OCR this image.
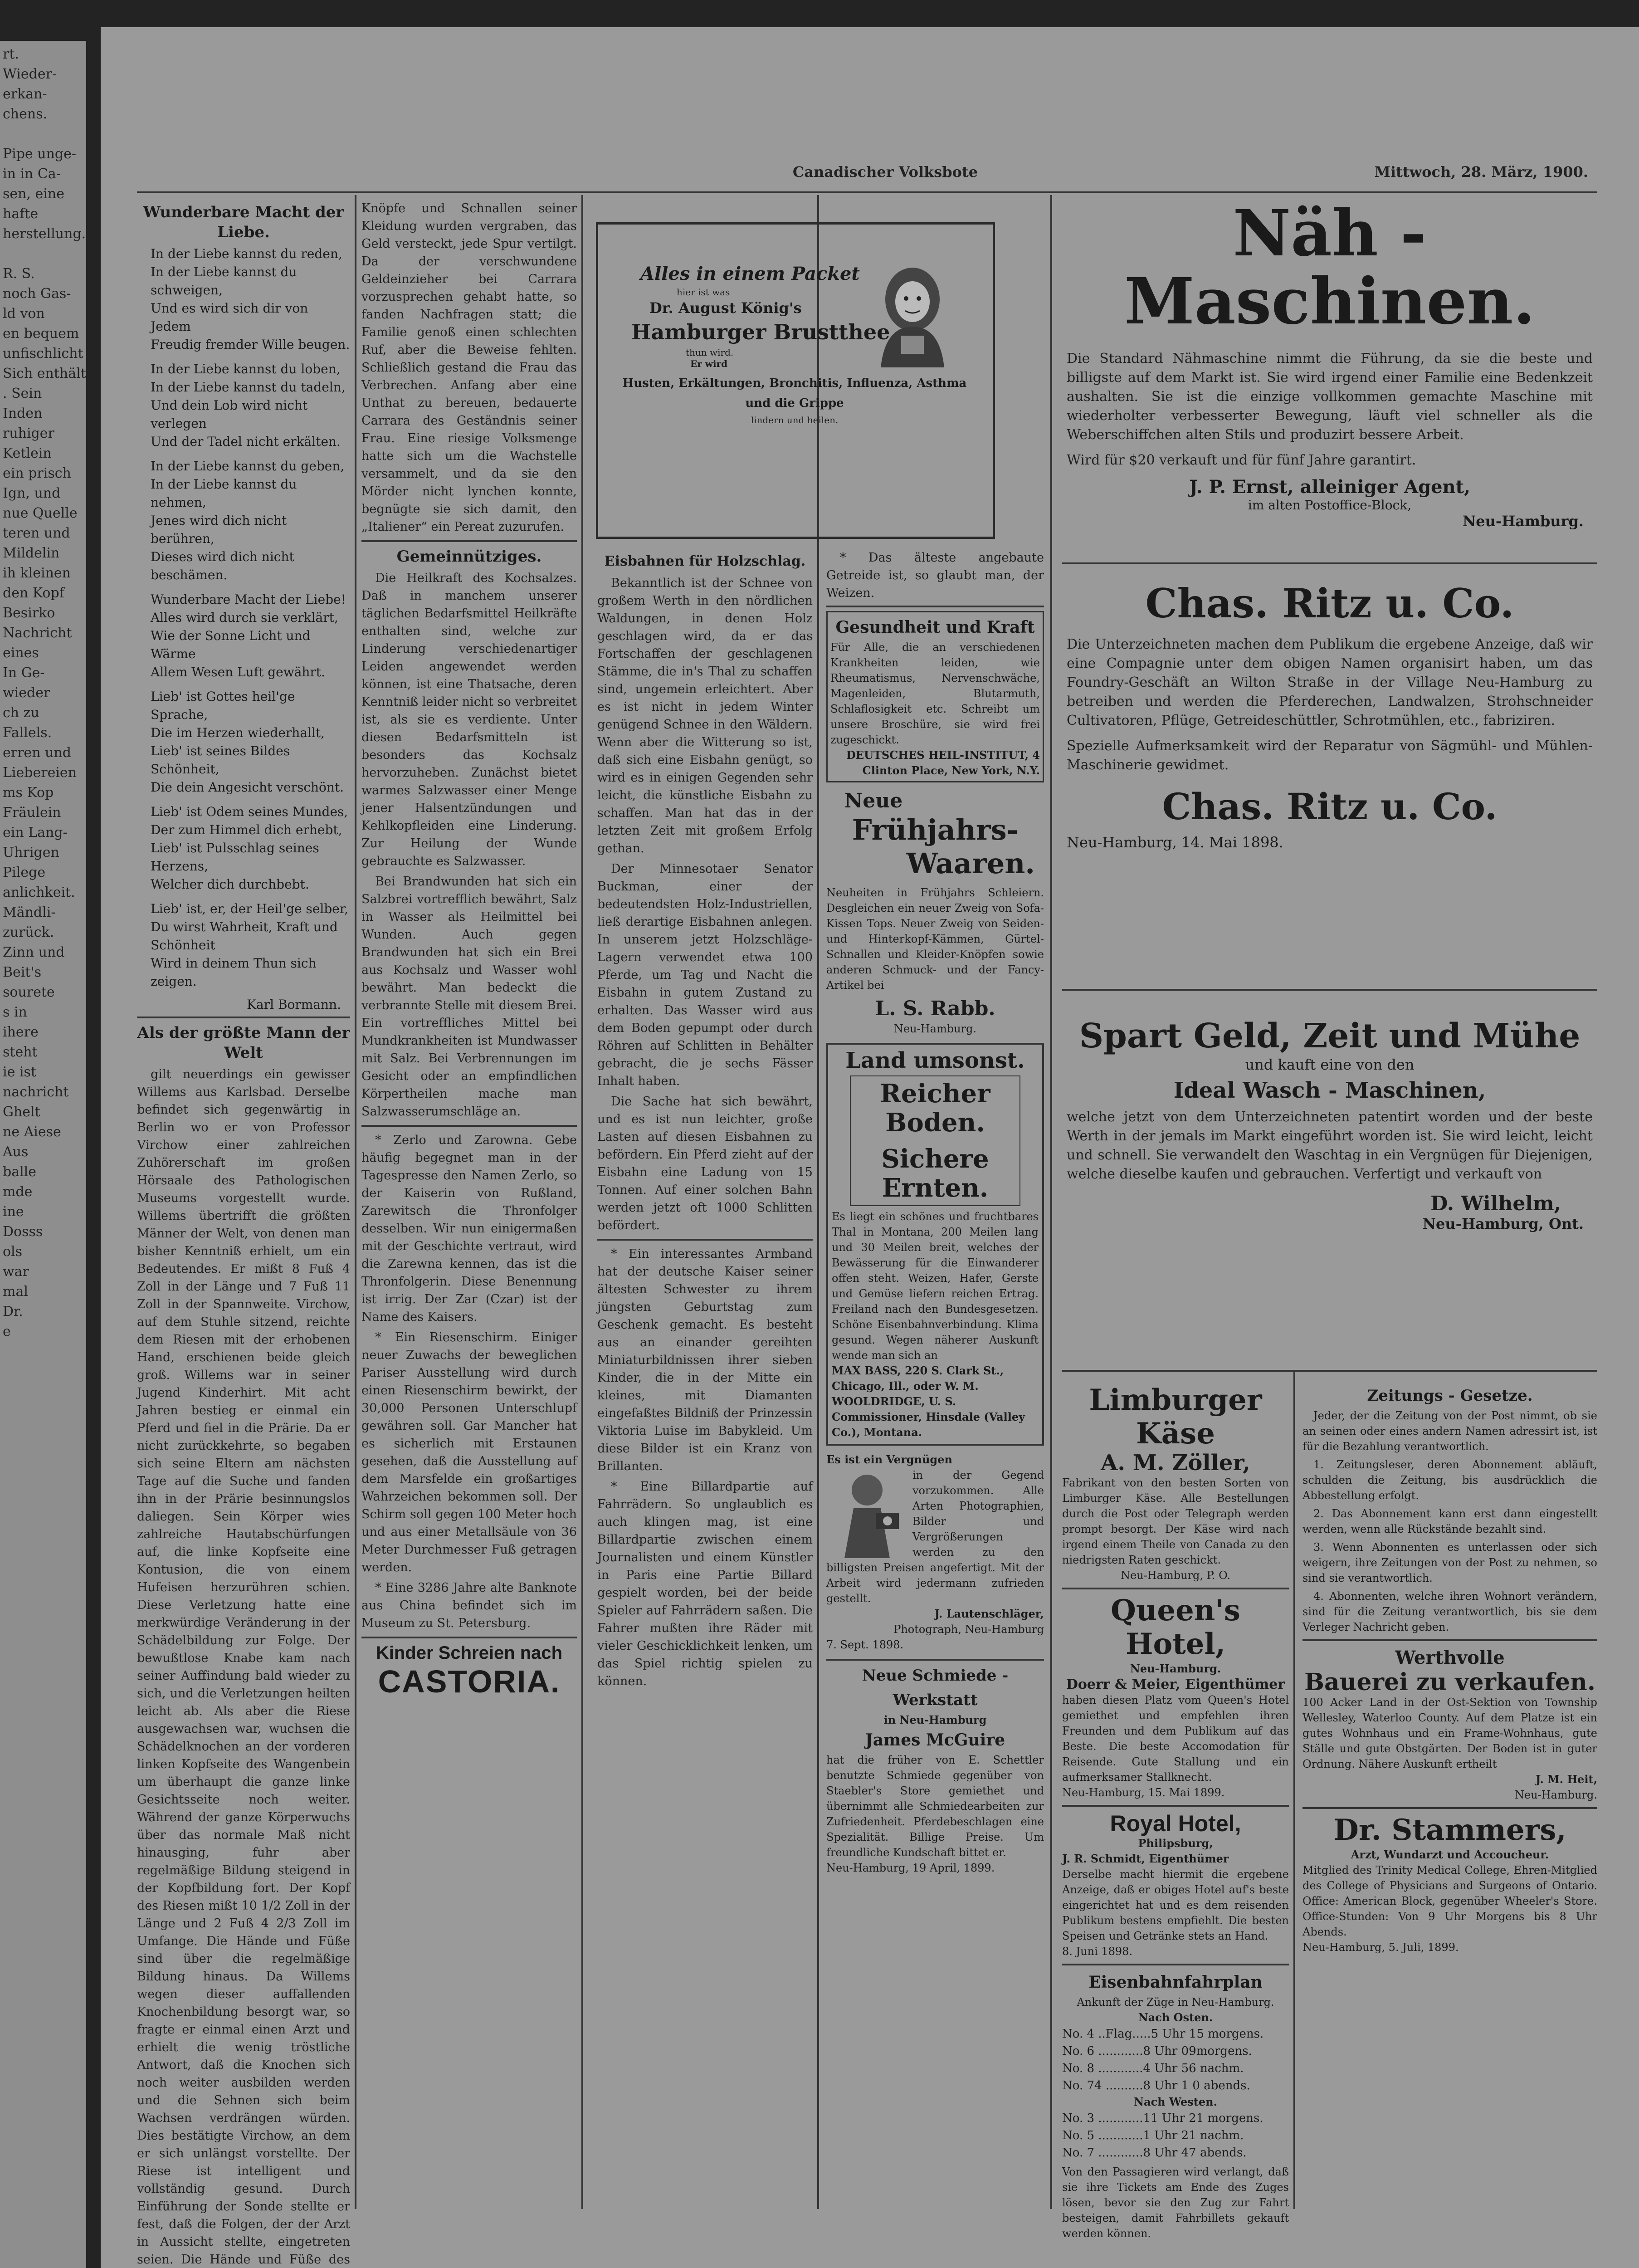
rt.
Wieder-
erkan-
chens.

Pipe unge-
in in Ca-
sen, eine
hafte
herstellung.

R. S.
noch Gas-
ld von
en bequem
unfischlicht
Sich enthält
. Sein
Inden
ruhiger
Ketlein
ein prisch
Ign, und
nue Quelle
teren und
Mildelin
ih kleinen
den Kopf
Besirko
Nachricht
eines
In Ge-
wieder
ch zu
Fallels.
erren und
Liebereien
ms Kop
Fräulein
ein Lang-
Uhrigen
Pilege
anlichkeit.
Mändli-
zurück.
Zinn und
Beit's
sourete
s in
ihere
steht
ie ist
nachricht
Ghelt
ne Aiese
Aus
balle
mde
ine
Dosss
ols
war
mal
Dr.
e
Canadischer Volksbote	Mittwoch, 28. März, 1900.
Wunderbare Macht der Liebe.
In der Liebe kannst du reden,
In der Liebe kannst du schweigen,
Und es wird sich dir von Jedem
Freudig fremder Wille beugen.
In der Liebe kannst du loben,
In der Liebe kannst du tadeln,
Und dein Lob wird nicht verlegen
Und der Tadel nicht erkälten.
In der Liebe kannst du geben,
In der Liebe kannst du nehmen,
Jenes wird dich nicht berühren,
Dieses wird dich nicht beschämen.
Wunderbare Macht der Liebe!
Alles wird durch sie verklärt,
Wie der Sonne Licht und Wärme
Allem Wesen Luft gewährt.
Lieb' ist Gottes heil'ge Sprache,
Die im Herzen wiederhallt,
Lieb' ist seines Bildes Schönheit,
Die dein Angesicht verschönt.
Lieb' ist Odem seines Mundes,
Der zum Himmel dich erhebt,
Lieb' ist Pulsschlag seines Herzens,
Welcher dich durchbebt.
Lieb' ist, er, der Heil'ge selber,
Du wirst Wahrheit, Kraft und Schönheit
Wird in deinem Thun sich zeigen.
Karl Bormann.
Als der größte Mann der Welt

gilt neuerdings ein gewisser Willems aus Karlsbad. Derselbe befindet sich gegenwärtig in Berlin wo er von Professor Virchow einer zahlreichen Zuhörerschaft im großen Hörsaale des Pathologischen Museums vorgestellt wurde. Willems übertrifft die größten Männer der Welt, von denen man bisher Kenntniß erhielt, um ein Bedeutendes. Er mißt 8 Fuß 4 Zoll in der Länge und 7 Fuß 11 Zoll in der Spannweite. Virchow, auf dem Stuhle sitzend, reichte dem Riesen mit der erhobenen Hand, erschienen beide gleich groß. Willems war in seiner Jugend Kinderhirt. Mit acht Jahren bestieg er einmal ein Pferd und fiel in die Prärie. Da er nicht zurückkehrte, so begaben sich seine Eltern am nächsten Tage auf die Suche und fanden ihn in der Prärie besinnungslos daliegen. Sein Körper wies zahlreiche Hautabschürfungen auf, die linke Kopfseite eine Kontusion, die von einem Hufeisen herzurühren schien. Diese Verletzung hatte eine merkwürdige Veränderung in der Schädelbildung zur Folge. Der bewußtlose Knabe kam nach seiner Auffindung bald wieder zu sich, und die Verletzungen heilten leicht ab. Als aber die Riese ausgewachsen war, wuchsen die Schädelknochen an der vorderen linken Kopfseite des Wangenbein um überhaupt die ganze linke Gesichtsseite noch weiter. Während der ganze Körperwuchs über das normale Maß nicht hinausging, fuhr aber regelmäßige Bildung steigend in der Kopfbildung fort. Der Kopf des Riesen mißt 10 1/2 Zoll in der Länge und 2 Fuß 4 2/3 Zoll im Umfange. Die Hände und Füße sind über die regelmäßige Bildung hinaus. Da Willems wegen dieser auffallenden Knochenbildung besorgt war, so fragte er einmal einen Arzt und erhielt die wenig tröstliche Antwort, daß die Knochen sich noch weiter ausbilden werden und die Sehnen sich beim Wachsen verdrängen würden. Dies bestätigte Virchow, an dem er sich unlängst vorstellte. Der Riese ist intelligent und vollständig gesund. Durch Einführung der Sonde stellte er fest, daß die Folgen, der der Arzt in Aussicht stellte, eingetreten seien. Die Hände und Füße des

Knöpfe und Schnallen seiner Kleidung wurden vergraben, das Geld versteckt, jede Spur vertilgt. Da der verschwundene Geldeinzieher bei Carrara vorzusprechen gehabt hatte, so fanden Nachfragen statt; die Familie genoß einen schlechten Ruf, aber die Beweise fehlten. Schließlich gestand die Frau das Verbrechen. Anfang aber eine Unthat zu bereuen, bedauerte Carrara des Geständnis seiner Frau. Eine riesige Volksmenge hatte sich um die Wachstelle versammelt, und da sie den Mörder nicht lynchen konnte, begnügte sie sich damit, den „Italiener“ ein Pereat zuzurufen.

Gemeinnütziges.

Die Heilkraft des Kochsalzes. Daß in manchem unserer täglichen Bedarfsmittel Heilkräfte enthalten sind, welche zur Linderung verschiedenartiger Leiden angewendet werden können, ist eine Thatsache, deren Kenntniß leider nicht so verbreitet ist, als sie es verdiente. Unter diesen Bedarfsmitteln ist besonders das Kochsalz hervorzuheben. Zunächst bietet warmes Salzwasser einer Menge jener Halsentzündungen und Kehlkopfleiden eine Linderung. Zur Heilung der Wunde gebrauchte es Salzwasser.

Bei Brandwunden hat sich ein Salzbrei vortrefflich bewährt, Salz in Wasser als Heilmittel bei Wunden. Auch gegen Brandwunden hat sich ein Brei aus Kochsalz und Wasser wohl bewährt. Man bedeckt die verbrannte Stelle mit diesem Brei. Ein vortreffliches Mittel bei Mundkrankheiten ist Mundwasser mit Salz. Bei Verbrennungen im Gesicht oder an empfindlichen Körpertheilen mache man Salzwasserumschläge an.

* Zerlo und Zarowna. Gebe häufig begegnet man in der Tagespresse den Namen Zerlo, so der Kaiserin von Rußland, Zarewitsch die Thronfolger desselben. Wir nun einigermaßen mit der Geschichte vertraut, wird die Zarewna kennen, das ist die Thronfolgerin. Diese Benennung ist irrig. Der Zar (Czar) ist der Name des Kaisers.

* Ein Riesenschirm. Einiger neuer Zuwachs der beweglichen Pariser Ausstellung wird durch einen Riesenschirm bewirkt, der 30,000 Personen Unterschlupf gewähren soll. Gar Mancher hat es sicherlich mit Erstaunen gesehen, daß die Ausstellung auf dem Marsfelde ein großartiges Wahrzeichen bekommen soll. Der Schirm soll gegen 100 Meter hoch und aus einer Metallsäule von 36 Meter Durchmesser Fuß getragen werden.

* Eine 3286 Jahre alte Banknote aus China befindet sich im Museum zu St. Petersburg.

Kinder Schreien nach
CASTORIA.
Alles in einem Packet
hier ist was
Dr. August König's
Hamburger Brustthee
thun wird.
Er wird
Husten, Erkältungen, Bronchitis, Influenza, Asthma
und die Grippe
lindern und heilen.
Eisbahnen für Holzschlag.

Bekanntlich ist der Schnee von großem Werth in den nördlichen Waldungen, in denen Holz geschlagen wird, da er das Fortschaffen der geschlagenen Stämme, die in's Thal zu schaffen sind, ungemein erleichtert. Aber es ist nicht in jedem Winter genügend Schnee in den Wäldern. Wenn aber die Witterung so ist, daß sich eine Eisbahn genügt, so wird es in einigen Gegenden sehr leicht, die künstliche Eisbahn zu schaffen. Man hat das in der letzten Zeit mit großem Erfolg gethan.

Der Minnesotaer Senator Buckman, einer der bedeutendsten Holz-Industriellen, ließ derartige Eisbahnen anlegen. In unserem jetzt Holzschläge-Lagern verwendet etwa 100 Pferde, um Tag und Nacht die Eisbahn in gutem Zustand zu erhalten. Das Wasser wird aus dem Boden gepumpt oder durch Röhren auf Schlitten in Behälter gebracht, die je sechs Fässer Inhalt haben.

Die Sache hat sich bewährt, und es ist nun leichter, große Lasten auf diesen Eisbahnen zu befördern. Ein Pferd zieht auf der Eisbahn eine Ladung von 15 Tonnen. Auf einer solchen Bahn werden jetzt oft 1000 Schlitten befördert.

* Ein interessantes Armband hat der deutsche Kaiser seiner ältesten Schwester zu ihrem jüngsten Geburtstag zum Geschenk gemacht. Es besteht aus an einander gereihten Miniaturbildnissen ihrer sieben Kinder, die in der Mitte ein kleines, mit Diamanten eingefaßtes Bildniß der Prinzessin Viktoria Luise im Babykleid. Um diese Bilder ist ein Kranz von Brillanten.

* Eine Billardpartie auf Fahrrädern. So unglaublich es auch klingen mag, ist eine Billardpartie zwischen einem Journalisten und einem Künstler in Paris eine Partie Billard gespielt worden, bei der beide Spieler auf Fahrrädern saßen. Die Fahrer mußten ihre Räder mit vieler Geschicklichkeit lenken, um das Spiel richtig spielen zu können.

* Das älteste angebaute Getreide ist, so glaubt man, der Weizen.

Gesundheit und Kraft
Für Alle, die an verschiedenen Krankheiten leiden, wie Rheumatismus, Nervenschwäche, Magenleiden, Blutarmuth, Schlaflosigkeit etc. Schreibt um unsere Broschüre, sie wird frei zugeschickt.
DEUTSCHES HEIL-INSTITUT, 4 Clinton Place, New York, N.Y.
Neue
Frühjahrs-
Waaren.
Neuheiten in Frühjahrs Schleiern. Desgleichen ein neuer Zweig von Sofa-Kissen Tops. Neuer Zweig von Seiden- und Hinterkopf-Kämmen, Gürtel-Schnallen und Kleider-Knöpfen sowie anderen Schmuck- und der Fancy-Artikel bei
L. S. Rabb.
Neu-Hamburg.
Land umsonst.
Reicher
Boden.
Sichere
Ernten.
Es liegt ein schönes und fruchtbares Thal in Montana, 200 Meilen lang und 30 Meilen breit, welches der Bewässerung für die Einwanderer offen steht. Weizen, Hafer, Gerste und Gemüse liefern reichen Ertrag. Freiland nach den Bundesgesetzen. Schöne Eisenbahnverbindung. Klima gesund. Wegen näherer Auskunft wende man sich an
MAX BASS, 220 S. Clark St., Chicago, Ill., oder W. M. WOOLDRIDGE, U. S. Commissioner, Hinsdale (Valley Co.), Montana.
Es ist ein Vergnügen
in der Gegend vorzukommen. Alle Arten Photographien, Bilder und Vergrößerungen werden zu den billigsten Preisen angefertigt. Mit der Arbeit wird jedermann zufrieden gestellt.
J. Lautenschläger,
Photograph, Neu-Hamburg
7. Sept. 1898.
Neue Schmiede - Werkstatt
in Neu-Hamburg
James McGuire
hat die früher von E. Schettler benutzte Schmiede gegenüber von Staebler's Store gemiethet und übernimmt alle Schmiedearbeiten zur Zufriedenheit. Pferdebeschlagen eine Spezialität. Billige Preise. Um freundliche Kundschaft bittet er.
Neu-Hamburg, 19 April, 1899.
Näh - Maschinen.
Die Standard Nähmaschine nimmt die Führung, da sie die beste und billigste auf dem Markt ist. Sie wird irgend einer Familie eine Bedenkzeit aushalten. Sie ist die einzige vollkommen gemachte Maschine mit wiederholter verbesserter Bewegung, läuft viel schneller als die Weberschiffchen alten Stils und produzirt bessere Arbeit.
Wird für $20 verkauft und für fünf Jahre garantirt.
J. P. Ernst, alleiniger Agent,
im alten Postoffice-Block,
Neu-Hamburg.
Chas. Ritz u. Co.
Die Unterzeichneten machen dem Publikum die ergebene Anzeige, daß wir eine Compagnie unter dem obigen Namen organisirt haben, um das Foundry-Geschäft an Wilton Straße in der Village Neu-Hamburg zu betreiben und werden die Pferderechen, Landwalzen, Strohschneider Cultivatoren, Pflüge, Getreideschüttler, Schrotmühlen, etc., fabriziren.
Spezielle Aufmerksamkeit wird der Reparatur von Sägmühl- und Mühlen-Maschinerie gewidmet.
Chas. Ritz u. Co.
Neu-Hamburg, 14. Mai 1898.
Spart Geld, Zeit und Mühe
und kauft eine von den
Ideal Wasch - Maschinen,
welche jetzt von dem Unterzeichneten patentirt worden und der beste Werth in der jemals im Markt eingeführt worden ist. Sie wird leicht, leicht und schnell. Sie verwandelt den Waschtag in ein Vergnügen für Diejenigen, welche dieselbe kaufen und gebrauchen. Verfertigt und verkauft von
D. Wilhelm,
Neu-Hamburg, Ont.
Limburger Käse
A. M. Zöller,
Fabrikant von den besten Sorten von Limburger Käse. Alle Bestellungen durch die Post oder Telegraph werden prompt besorgt. Der Käse wird nach irgend einem Theile von Canada zu den niedrigsten Raten geschickt.
Neu-Hamburg, P. O.
Queen's Hotel,
Neu-Hamburg.
Doerr & Meier, Eigenthümer
haben diesen Platz vom Queen's Hotel gemiethet und empfehlen ihren Freunden und dem Publikum auf das Beste. Die beste Accomodation für Reisende. Gute Stallung und ein aufmerksamer Stallknecht.
Neu-Hamburg, 15. Mai 1899.
Royal Hotel,
Philipsburg,
J. R. Schmidt, Eigenthümer
Derselbe macht hiermit die ergebene Anzeige, daß er obiges Hotel auf's beste eingerichtet hat und es dem reisenden Publikum bestens empfiehlt. Die besten Speisen und Getränke stets an Hand.
8. Juni 1898.
Eisenbahnfahrplan
Ankunft der Züge in Neu-Hamburg.
Nach Osten.
No. 4 ..Flag.....5 Uhr 15 morgens.
No. 6 ............8 Uhr 09morgens.
No. 8 ............4 Uhr 56 nachm.
No. 74 ..........8 Uhr 1 0 abends.
Nach Westen.
No. 3 ............11 Uhr 21 morgens.
No. 5 ............1 Uhr 21 nachm.
No. 7 ............8 Uhr 47 abends.
Von den Passagieren wird verlangt, daß sie ihre Tickets am Ende des Zuges lösen, bevor sie den Zug zur Fahrt besteigen, damit Fahrbillets gekauft werden können.
Zeitungs - Gesetze.

Jeder, der die Zeitung von der Post nimmt, ob sie an seinen oder eines andern Namen adressirt ist, ist für die Bezahlung verantwortlich.

1. Zeitungsleser, deren Abonnement abläuft, schulden die Zeitung, bis ausdrücklich die Abbestellung erfolgt.

2. Das Abonnement kann erst dann eingestellt werden, wenn alle Rückstände bezahlt sind.

3. Wenn Abonnenten es unterlassen oder sich weigern, ihre Zeitungen von der Post zu nehmen, so sind sie verantwortlich.

4. Abonnenten, welche ihren Wohnort verändern, sind für die Zeitung verantwortlich, bis sie dem Verleger Nachricht geben.

Werthvolle
Bauerei zu verkaufen.
100 Acker Land in der Ost-Sektion von Township Wellesley, Waterloo County. Auf dem Platze ist ein gutes Wohnhaus und ein Frame-Wohnhaus, gute Ställe und gute Obstgärten. Der Boden ist in guter Ordnung. Nähere Auskunft ertheilt
J. M. Heit,
Neu-Hamburg.
Dr. Stammers,
Arzt, Wundarzt und Accoucheur.
Mitglied des Trinity Medical College, Ehren-Mitglied des College of Physicians and Surgeons of Ontario. Office: American Block, gegenüber Wheeler's Store. Office-Stunden: Von 9 Uhr Morgens bis 8 Uhr Abends.
Neu-Hamburg, 5. Juli, 1899.
